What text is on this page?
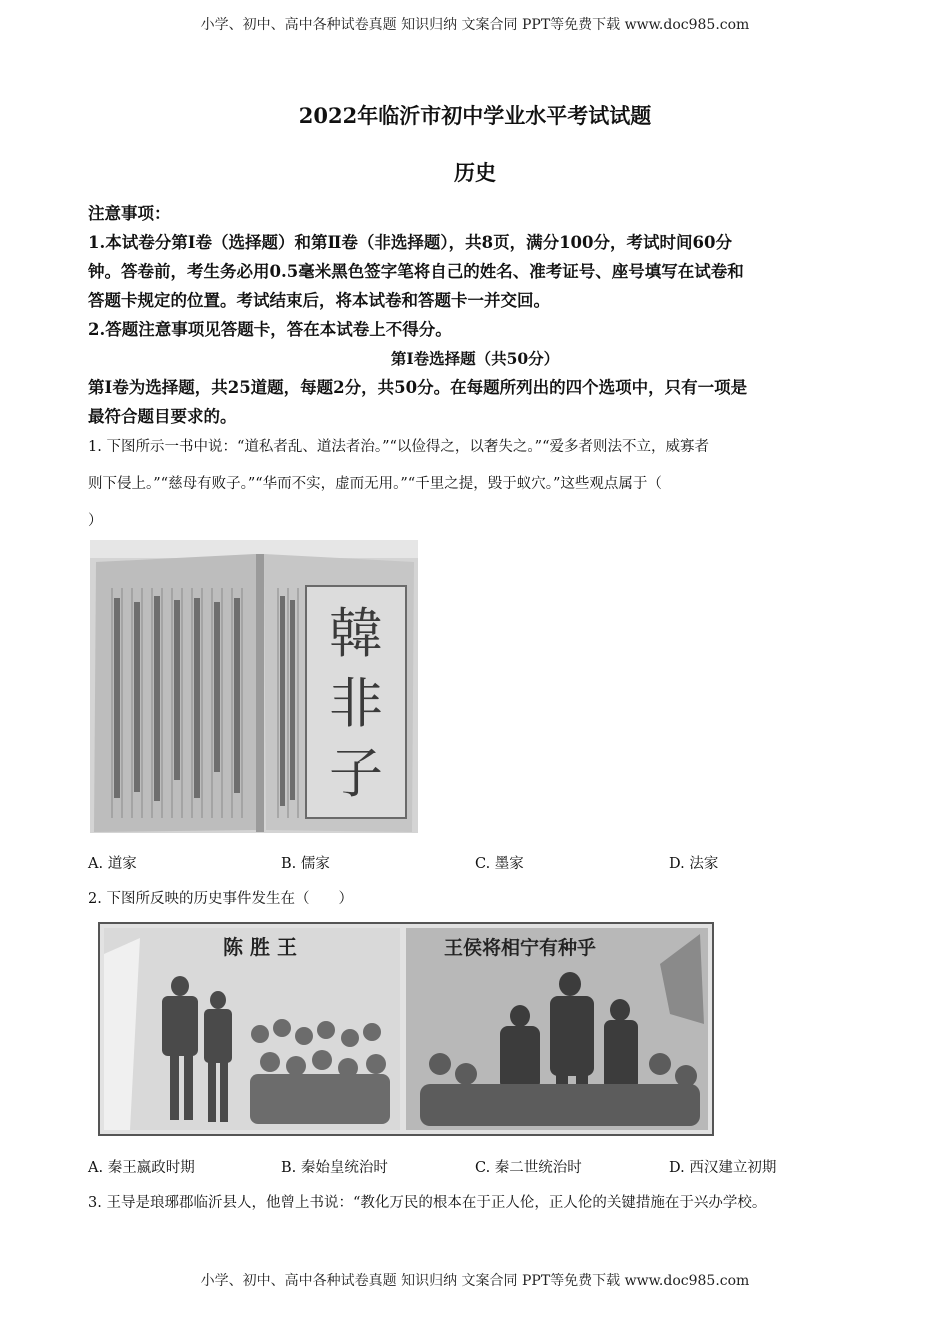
小学、初中、高中各种试卷真题 知识归纳 文案合同 PPT等免费下载 www.doc985.com
2022年临沂市初中学业水平考试试题
历史
注意事项：
1.本试卷分第Ⅰ卷（选择题）和第Ⅱ卷（非选择题），共8页，满分100分，考试时间60分
钟。答卷前，考生务必用0.5毫米黑色签字笔将自己的姓名、准考证号、座号填写在试卷和
答题卡规定的位置。考试结束后，将本试卷和答题卡一并交回。
2.答题注意事项见答题卡，答在本试卷上不得分。
第Ⅰ卷选择题（共50分）
第Ⅰ卷为选择题，共25道题，每题2分，共50分。在每题所列出的四个选项中，只有一项是
最符合题目要求的。
1. 下图所示一书中说：“道私者乱、道法者治。”“以俭得之，以奢失之。”“爱多者则法不立，威寡者
则下侵上。”“慈母有败子。”“华而不实，虚而无用。”“千里之提，毁于蚁穴。”这些观点属于（
）
韓
非
子
A. 道家	B. 儒家	C. 墨家	D. 法家
2. 下图所反映的历史事件发生在（　　）
陈 胜 王	王侯将相宁有种乎
A. 秦王嬴政时期	B. 秦始皇统治时	C. 秦二世统治时	D. 西汉建立初期
3. 王导是琅琊郡临沂县人，他曾上书说：“教化万民的根本在于正人伦，正人伦的关键措施在于兴办学校。
小学、初中、高中各种试卷真题 知识归纳 文案合同 PPT等免费下载 www.doc985.com
